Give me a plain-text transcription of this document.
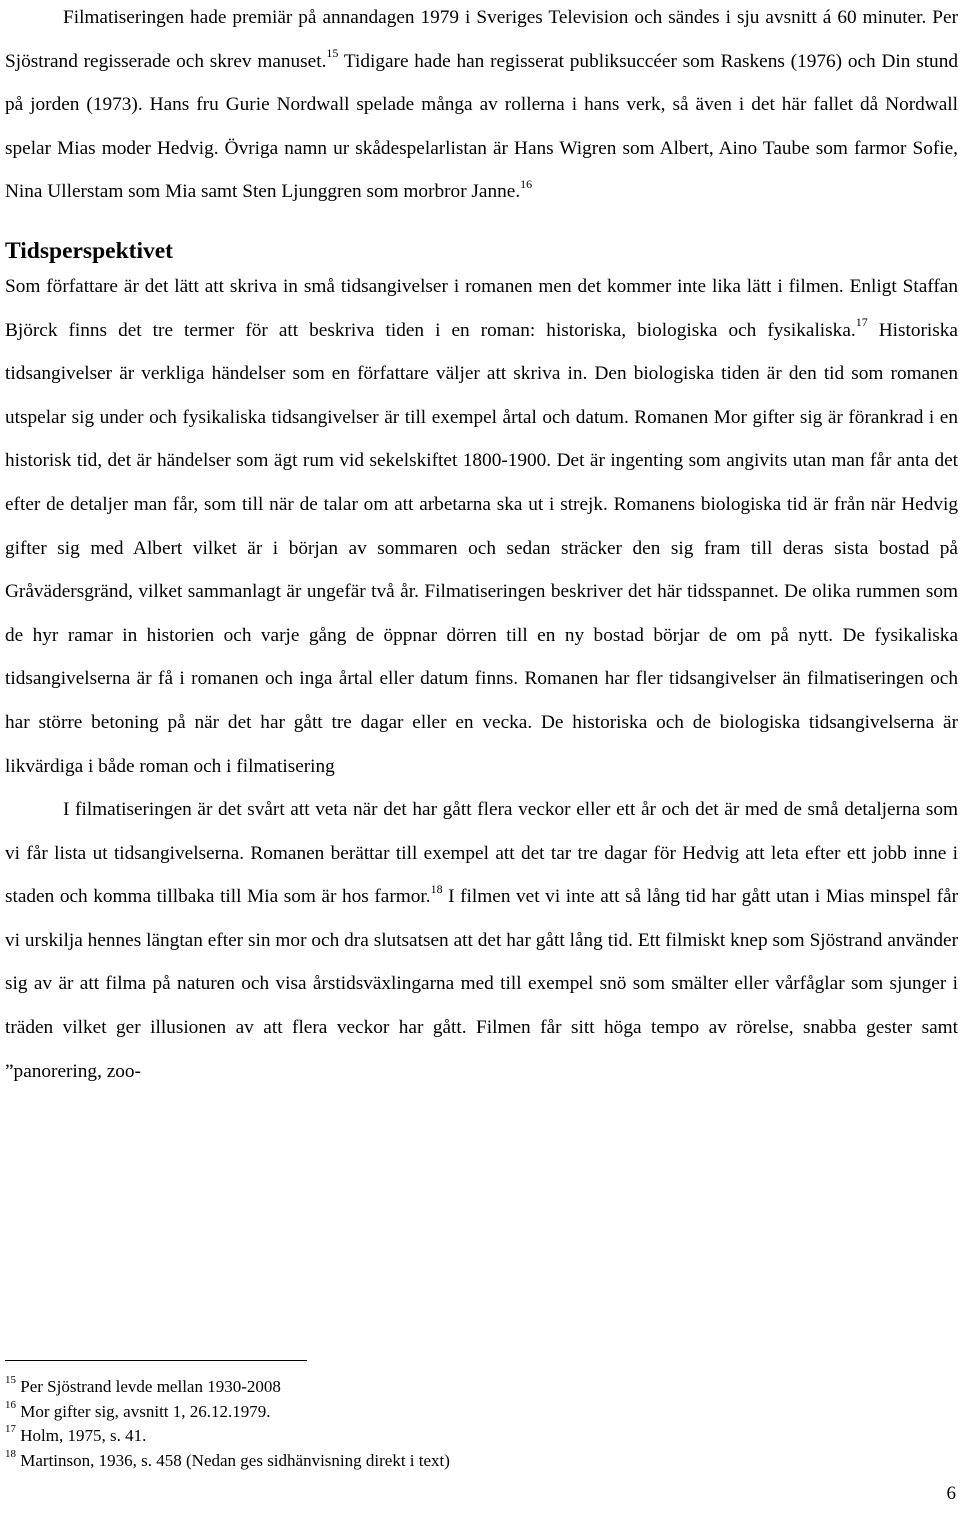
Filmatiseringen hade premiär på annandagen 1979 i Sveriges Television och sändes i sju avsnitt á 60 minuter. Per Sjöstrand regisserade och skrev manuset.$^{15}$ Tidigare hade han regisserat publiksuccéer som Raskens (1976) och Din stund på jorden (1973). Hans fru Gurie Nordwall spelade många av rollerna i hans verk, så även i det här fallet då Nordwall spelar Mias moder Hedvig. Övriga namn ur skådespelarlistan är Hans Wigren som Albert, Aino Taube som farmor Sofie, Nina Ullerstam som Mia samt Sten Ljunggren som morbror Janne.$^{16}$

Tidsperspektivet

Som författare är det lätt att skriva in små tidsangivelser i romanen men det kommer inte lika lätt i filmen. Enligt Staffan Björck finns det tre termer för att beskriva tiden i en roman: historiska, biologiska och fysikaliska.$^{17}$ Historiska tidsangivelser är verkliga händelser som en författare väljer att skriva in. Den biologiska tiden är den tid som romanen utspelar sig under och fysikaliska tidsangivelser är till exempel årtal och datum. Romanen Mor gifter sig är förankrad i en historisk tid, det är händelser som ägt rum vid sekelskiftet 1800-1900. Det är ingenting som angivits utan man får anta det efter de detaljer man får, som till när de talar om att arbetarna ska ut i strejk. Romanens biologiska tid är från när Hedvig gifter sig med Albert vilket är i början av sommaren och sedan sträcker den sig fram till deras sista bostad på Gråvädersgränd, vilket sammanlagt är ungefär två år. Filmatiseringen beskriver det här tidsspannet. De olika rummen som de hyr ramar in historien och varje gång de öppnar dörren till en ny bostad börjar de om på nytt. De fysikaliska tidsangivelserna är få i romanen och inga årtal eller datum finns. Romanen har fler tidsangivelser än filmatiseringen och har större betoning på när det har gått tre dagar eller en vecka. De historiska och de biologiska tidsangivelserna är likvärdiga i både roman och i filmatisering

I filmatiseringen är det svårt att veta när det har gått flera veckor eller ett år och det är med de små detaljerna som vi får lista ut tidsangivelserna. Romanen berättar till exempel att det tar tre dagar för Hedvig att leta efter ett jobb inne i staden och komma tillbaka till Mia som är hos farmor.$^{18}$ I filmen vet vi inte att så lång tid har gått utan i Mias minspel får vi urskilja hennes längtan efter sin mor och dra slutsatsen att det har gått lång tid. Ett filmiskt knep som Sjöstrand använder sig av är att filma på naturen och visa årstidsväxlingarna med till exempel snö som smälter eller vårfåglar som sjunger i träden vilket ger illusionen av att flera veckor har gått. Filmen får sitt höga tempo av rörelse, snabba gester samt ”panorering, zoo-

$^{15}$ Per Sjöstrand levde mellan 1930-2008

$^{16}$ Mor gifter sig, avsnitt 1, 26.12.1979.

$^{17}$ Holm, 1975, s. 41.

$^{18}$ Martinson, 1936, s. 458 (Nedan ges sidhänvisning direkt i text)

6
